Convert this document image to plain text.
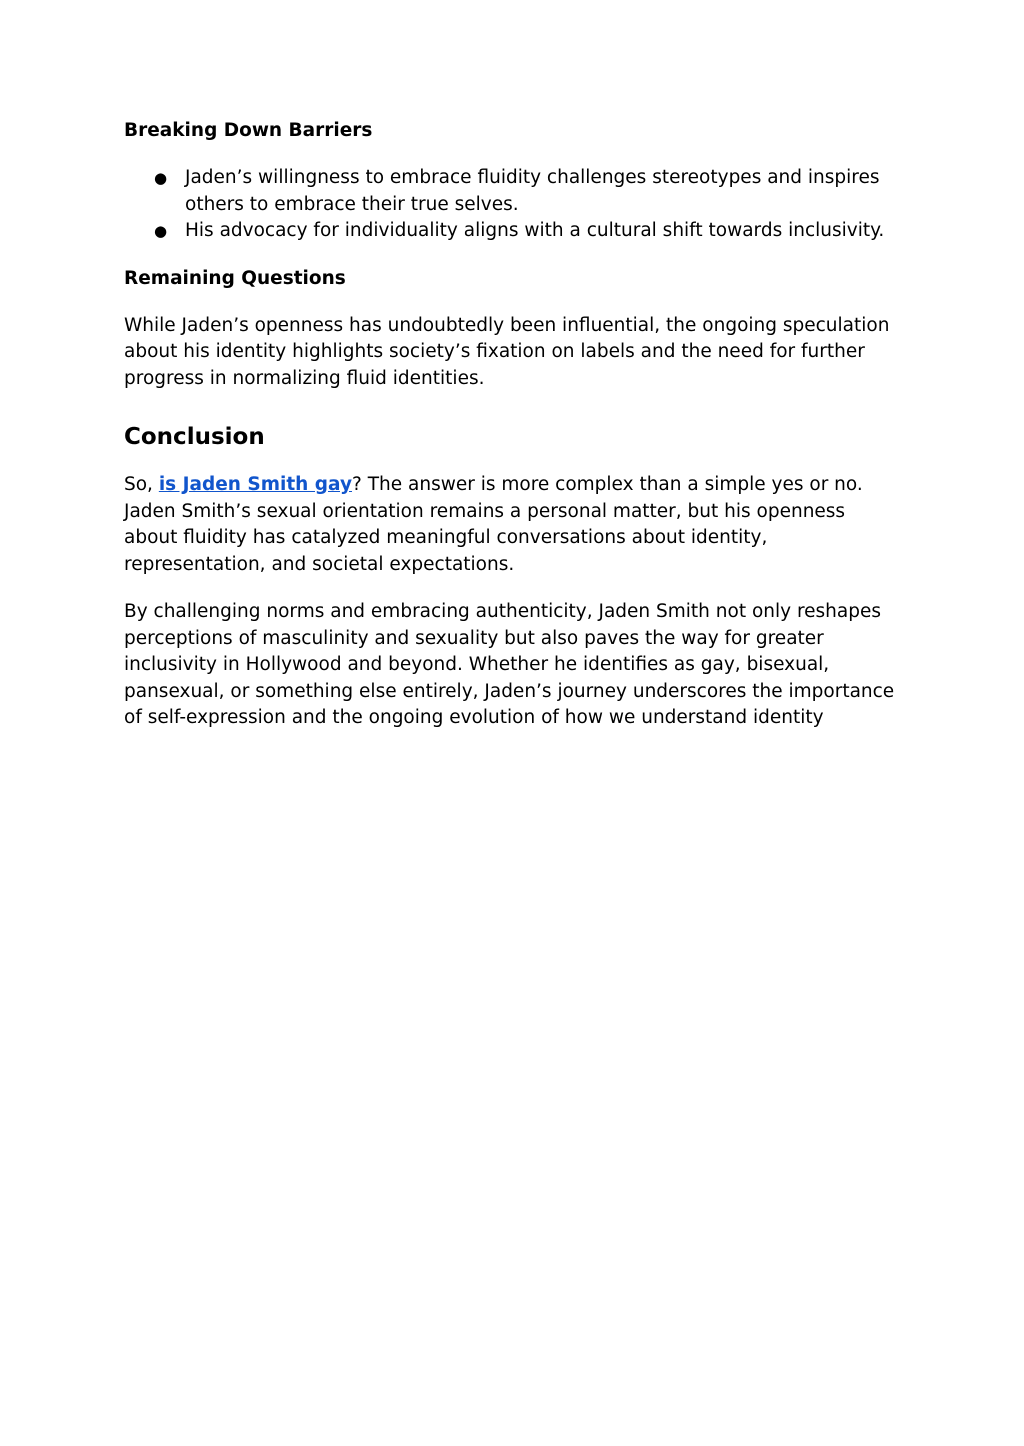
Breaking Down Barriers
● Jaden’s willingness to embrace fluidity challenges stereotypes and inspires others to embrace their true selves.
● His advocacy for individuality aligns with a cultural shift towards inclusivity.
Remaining Questions

While Jaden’s openness has undoubtedly been influential, the ongoing speculation about his identity highlights society’s fixation on labels and the need for further progress in normalizing fluid identities.

Conclusion

So, is Jaden Smith gay? The answer is more complex than a simple yes or no. Jaden Smith’s sexual orientation remains a personal matter, but his openness about fluidity has catalyzed meaningful conversations about identity, representation, and societal expectations.

By challenging norms and embracing authenticity, Jaden Smith not only reshapes perceptions of masculinity and sexuality but also paves the way for greater inclusivity in Hollywood and beyond. Whether he identifies as gay, bisexual, pansexual, or something else entirely, Jaden’s journey underscores the importance of self-expression and the ongoing evolution of how we understand identity
